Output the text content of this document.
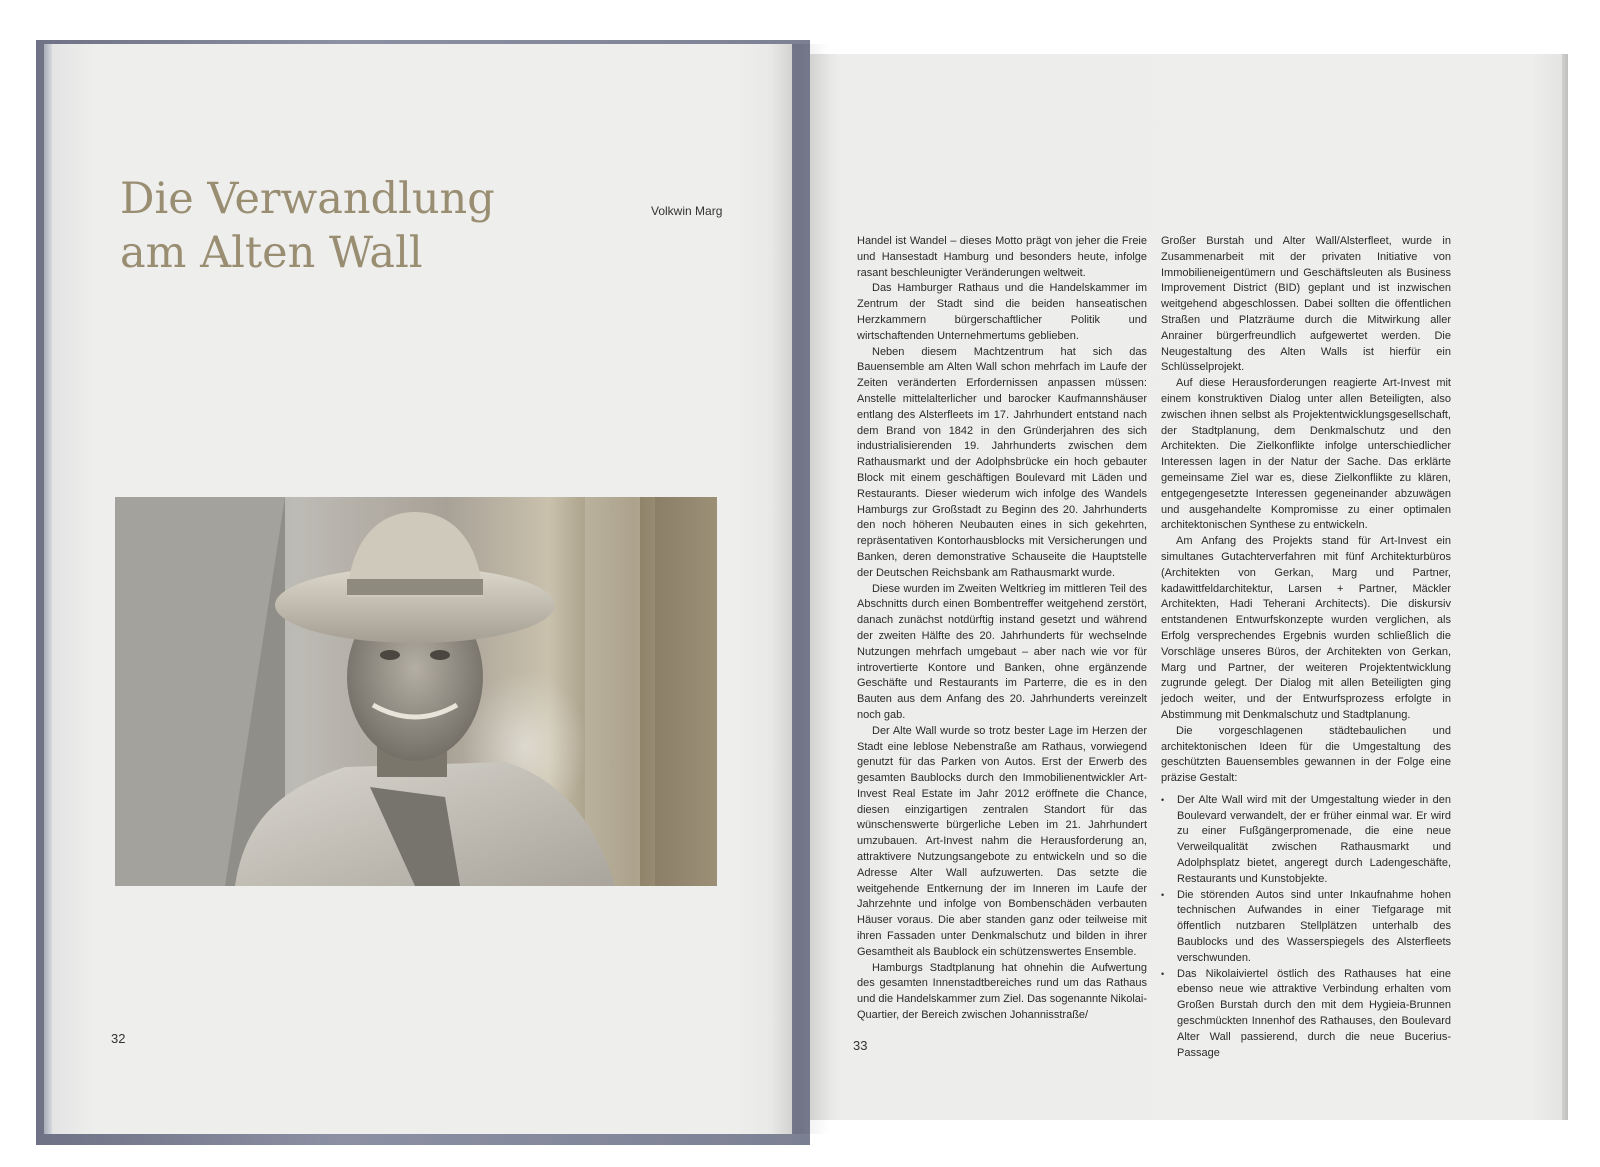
Die Verwandlung am Alten Wall
Volkwin Marg
32

Handel ist Wandel – dieses Motto prägt von jeher die Freie und Hansestadt Hamburg und besonders heute, infolge rasant beschleunigter Veränderungen weltweit.

Das Hamburger Rathaus und die Handelskammer im Zentrum der Stadt sind die beiden hanseatischen Herzkammern bürgerschaftlicher Politik und wirtschaftenden Unternehmertums geblieben.

Neben diesem Machtzentrum hat sich das Bauensemble am Alten Wall schon mehrfach im Laufe der Zeiten veränderten Erfordernissen anpassen müssen: Anstelle mittelalterlicher und barocker Kaufmannshäuser entlang des Alsterfleets im 17. Jahrhundert entstand nach dem Brand von 1842 in den Gründerjahren des sich industrialisierenden 19. Jahrhunderts zwischen dem Rathausmarkt und der Adolphsbrücke ein hoch gebauter Block mit einem geschäftigen Boulevard mit Läden und Restaurants. Dieser wiederum wich infolge des Wandels Hamburgs zur Großstadt zu Beginn des 20. Jahrhunderts den noch höheren Neubauten eines in sich gekehrten, repräsentativen Kontorhausblocks mit Versicherungen und Banken, deren demonstrative Schauseite die Hauptstelle der Deutschen Reichsbank am Rathausmarkt wurde.

Diese wurden im Zweiten Weltkrieg im mittleren Teil des Abschnitts durch einen Bombentreffer weitgehend zerstört, danach zunächst notdürftig instand gesetzt und während der zweiten Hälfte des 20. Jahrhunderts für wechselnde Nutzungen mehrfach umgebaut – aber nach wie vor für introvertierte Kontore und Banken, ohne ergänzende Geschäfte und Restaurants im Parterre, die es in den Bauten aus dem Anfang des 20. Jahrhunderts vereinzelt noch gab.

Der Alte Wall wurde so trotz bester Lage im Herzen der Stadt eine leblose Nebenstraße am Rathaus, vorwiegend genutzt für das Parken von Autos. Erst der Erwerb des gesamten Baublocks durch den Immobilienentwickler Art-Invest Real Estate im Jahr 2012 eröffnete die Chance, diesen einzigartigen zentralen Standort für das wünschenswerte bürgerliche Leben im 21. Jahrhundert umzubauen. Art-Invest nahm die Herausforderung an, attraktivere Nutzungsangebote zu entwickeln und so die Adresse Alter Wall aufzuwerten. Das setzte die weitgehende Entkernung der im Inneren im Laufe der Jahrzehnte und infolge von Bombenschäden verbauten Häuser voraus. Die aber standen ganz oder teilweise mit ihren Fassaden unter Denkmalschutz und bilden in ihrer Gesamtheit als Baublock ein schützenswertes Ensemble.

Hamburgs Stadtplanung hat ohnehin die Aufwertung des gesamten Innenstadtbereiches rund um das Rathaus und die Handelskammer zum Ziel. Das sogenannte Nikolai-Quartier, der Bereich zwischen Johannisstraße/

Großer Burstah und Alter Wall/Alsterfleet, wurde in Zusammenarbeit mit der privaten Initiative von Immobilieneigentümern und Geschäftsleuten als Business Improvement District (BID) geplant und ist inzwischen weitgehend abgeschlossen. Dabei sollten die öffentlichen Straßen und Platzräume durch die Mitwirkung aller Anrainer bürgerfreundlich aufgewertet werden. Die Neugestaltung des Alten Walls ist hierfür ein Schlüsselprojekt.

Auf diese Herausforderungen reagierte Art-Invest mit einem konstruktiven Dialog unter allen Beteiligten, also zwischen ihnen selbst als Projektentwicklungsgesellschaft, der Stadtplanung, dem Denkmalschutz und den Architekten. Die Zielkonflikte infolge unterschiedlicher Interessen lagen in der Natur der Sache. Das erklärte gemeinsame Ziel war es, diese Zielkonflikte zu klären, entgegengesetzte Interessen gegeneinander abzuwägen und ausgehandelte Kompromisse zu einer optimalen architektonischen Synthese zu entwickeln.

Am Anfang des Projekts stand für Art-Invest ein simultanes Gutachterverfahren mit fünf Architekturbüros (Architekten von Gerkan, Marg und Partner, kadawittfeldarchitektur, Larsen + Partner, Mäckler Architekten, Hadi Teherani Architects). Die diskursiv entstandenen Entwurfskonzepte wurden verglichen, als Erfolg versprechendes Ergebnis wurden schließlich die Vorschläge unseres Büros, der Architekten von Gerkan, Marg und Partner, der weiteren Projektentwicklung zugrunde gelegt. Der Dialog mit allen Beteiligten ging jedoch weiter, und der Entwurfsprozess erfolgte in Abstimmung mit Denkmalschutz und Stadtplanung.

Die vorgeschlagenen städtebaulichen und architektonischen Ideen für die Umgestaltung des geschützten Bauensembles gewannen in der Folge eine präzise Gestalt:

• Der Alte Wall wird mit der Umgestaltung wieder in den Boulevard verwandelt, der er früher einmal war. Er wird zu einer Fußgängerpromenade, die eine neue Verweilqualität zwischen Rathausmarkt und Adolphsplatz bietet, angeregt durch Ladengeschäfte, Restaurants und Kunstobjekte.
• Die störenden Autos sind unter Inkaufnahme hohen technischen Aufwandes in einer Tiefgarage mit öffentlich nutzbaren Stellplätzen unterhalb des Baublocks und des Wasserspiegels des Alsterfleets verschwunden.
• Das Nikolaiviertel östlich des Rathauses hat eine ebenso neue wie attraktive Verbindung erhalten vom Großen Burstah durch den mit dem Hygieia-Brunnen geschmückten Innenhof des Rathauses, den Boulevard Alter Wall passierend, durch die neue Bucerius-Passage
33
